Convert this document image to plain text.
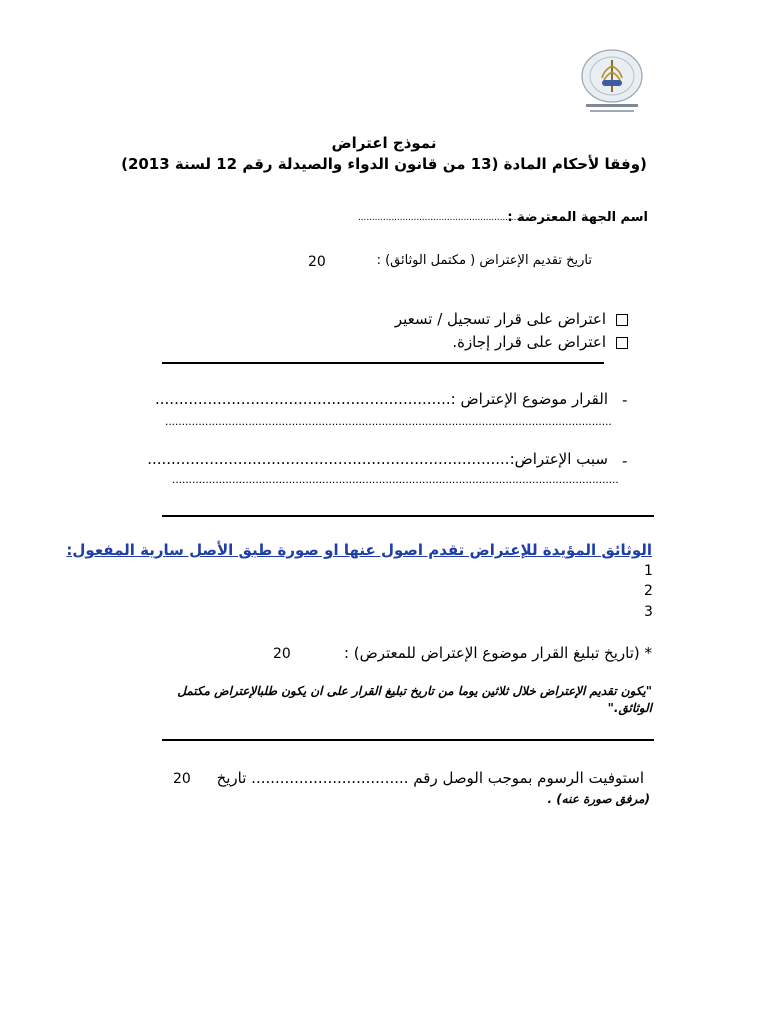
نموذج اعتراض
(وفقا لأحكام المادة (13 من قانون الدواء والصيدلة رقم 12 لسنة 2013)
اسم الجهة المعترضة :
...........................................................
تاريخ تقديم الإعتراض ( مكتمل الوثائق) :
20
اعتراض على قرار تسجيل / تسعير
اعتراض على قرار إجازة.
-
القرار موضوع الإعتراض :..............................................................
......................................................................................................................................
-
سبب الإعتراض:............................................................................
......................................................................................................................................
الوثائق المؤيدة للإعتراض تقدم اصول عنها او صورة طبق الأصل سارية المفعول:
1
2
3
* (تاريخ تبليغ القرار موضوع الإعتراض للمعترض) :
20
"يكون تقديم الإعتراض خلال ثلاثين يوما من تاريخ تبليغ القرار على ان يكون طلبالإعتراض مكتمل
الوثائق."
استوفيت الرسوم بموجب الوصل رقم ................................. تاريخ
20
(مرفق صورة عنه) .
